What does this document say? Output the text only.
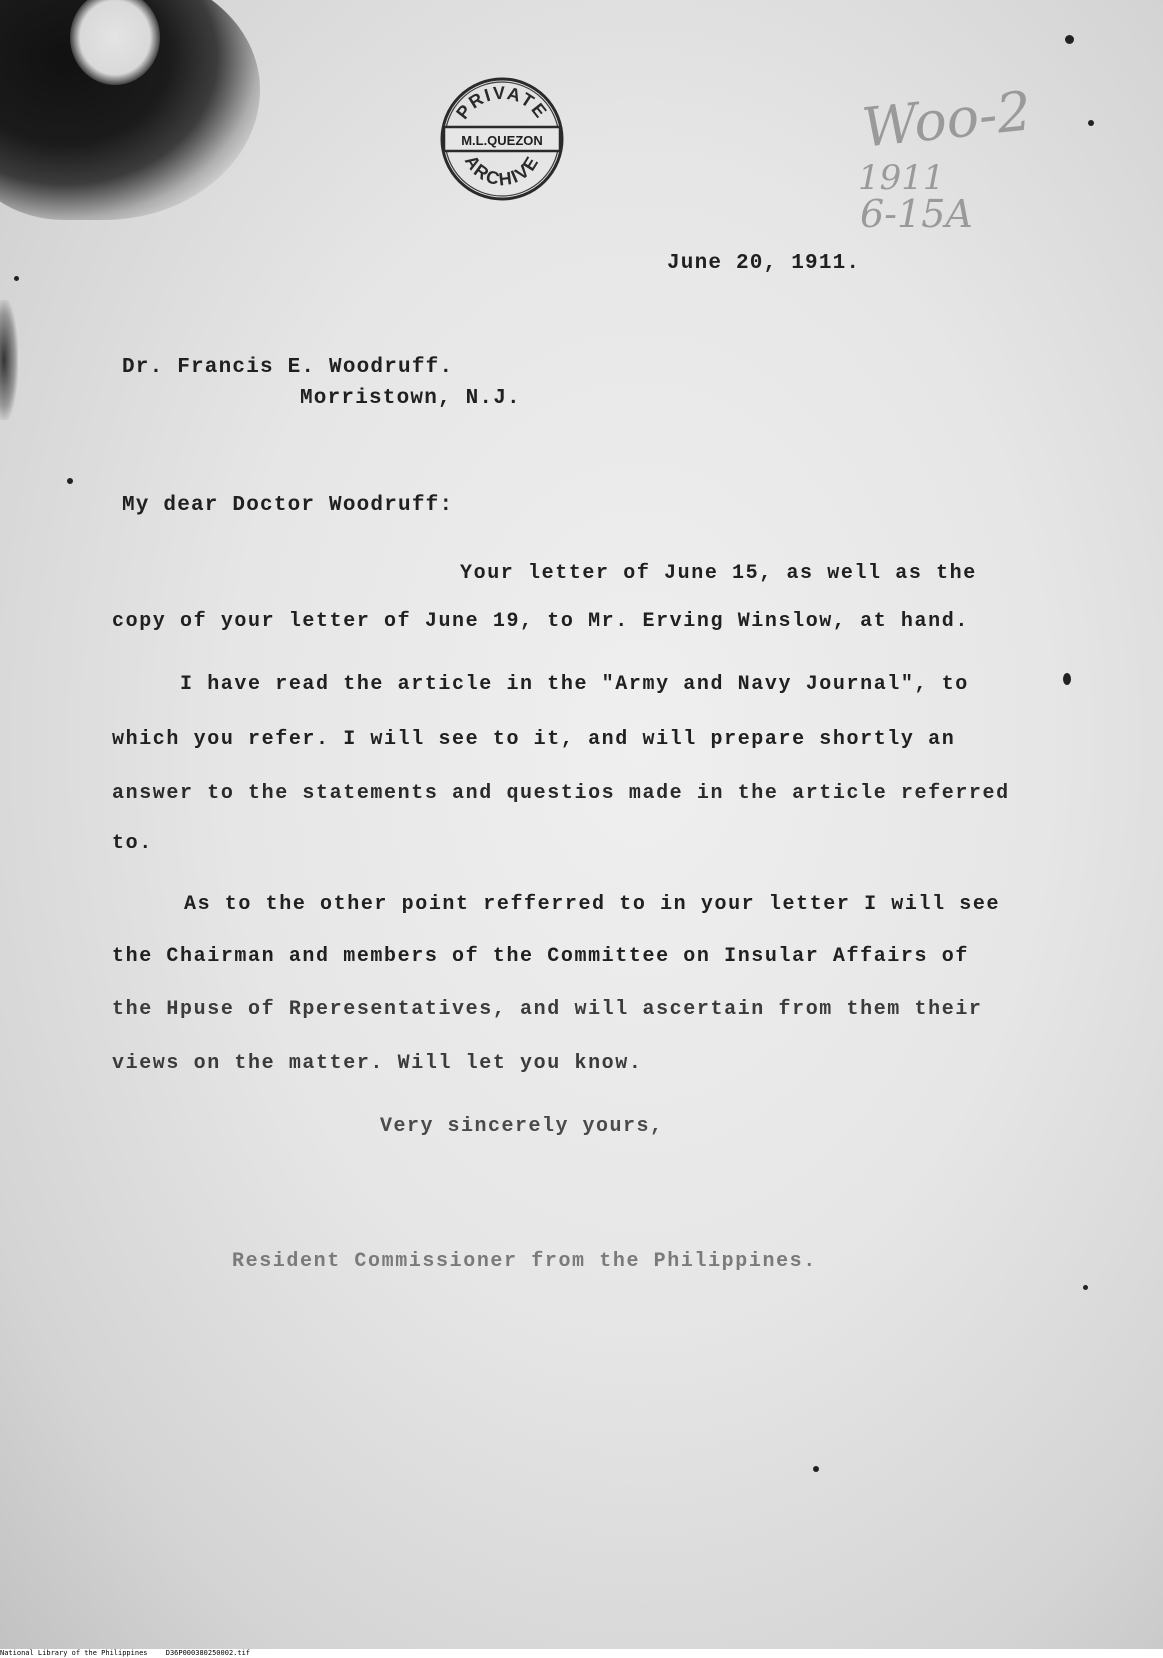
PRIVATE
M.L.QUEZON
ARCHIVE
Woo-2
1911
6-15A
June 20, 1911.
Dr. Francis E. Woodruff.
Morristown, N.J.
My dear Doctor Woodruff:
Your letter of June 15, as well as the
copy of your letter of June 19, to Mr. Erving Winslow, at hand.
I have read the article in the "Army and Navy Journal", to
which you refer. I will see to it, and will prepare shortly an
answer to the statements and questios made in the article referred
to.
As to the other point refferred to in your letter I will see
the Chairman and members of the Committee on Insular Affairs of
the Hpuse of Rperesentatives, and will ascertain from them their
views on the matter. Will let you know.
Very sincerely yours,
Resident Commissioner from the Philippines.
National Library of the Philippines	D36P000380250002.tif
